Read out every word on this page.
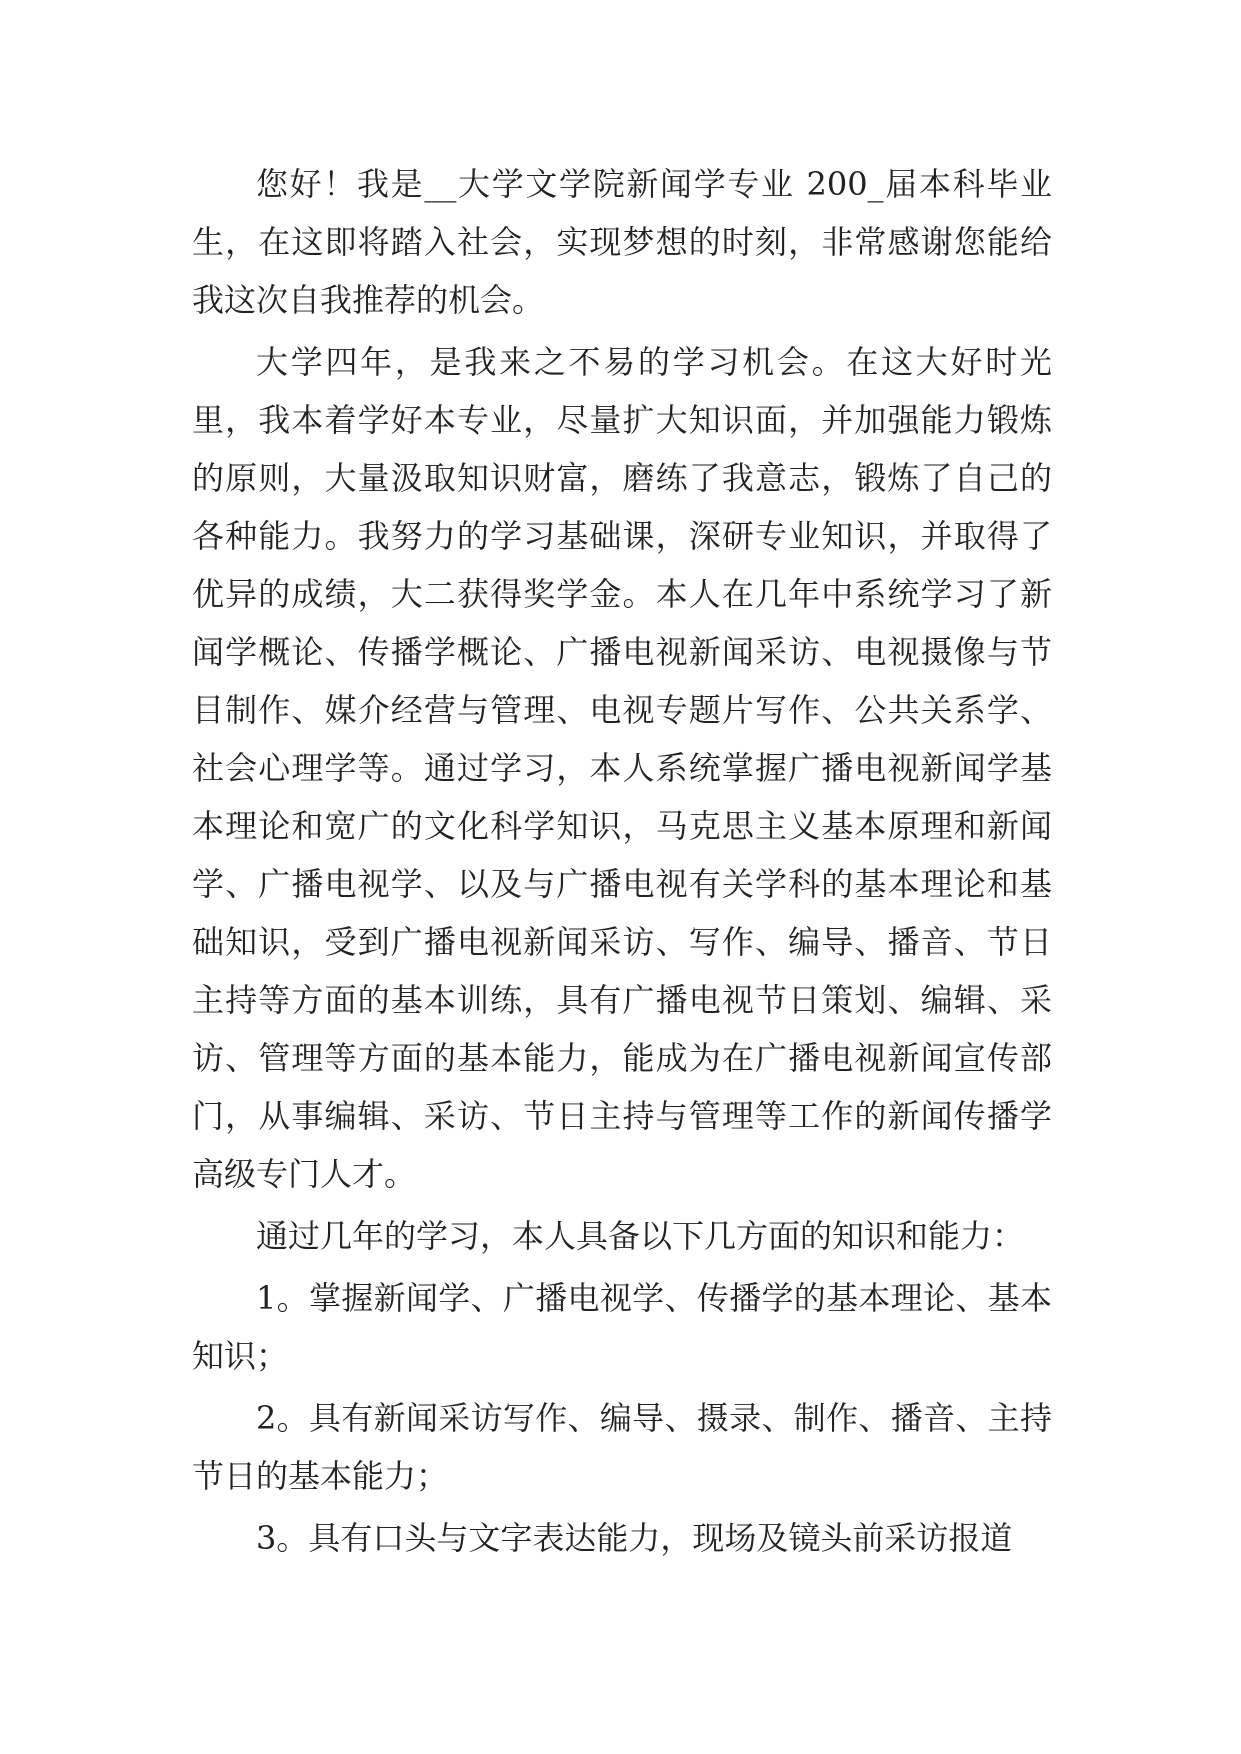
您好！我是__大学文学院新闻学专业 200_届本科毕业生，在这即将踏入社会，实现梦想的时刻，非常感谢您能给我这次自我推荐的机会。

大学四年，是我来之不易的学习机会。在这大好时光里，我本着学好本专业，尽量扩大知识面，并加强能力锻炼的原则，大量汲取知识财富，磨练了我意志，锻炼了自己的各种能力。我努力的学习基础课，深研专业知识，并取得了优异的成绩，大二获得奖学金。本人在几年中系统学习了新闻学概论、传播学概论、广播电视新闻采访、电视摄像与节目制作、媒介经营与管理、电视专题片写作、公共关系学、社会心理学等。通过学习，本人系统掌握广播电视新闻学基本理论和宽广的文化科学知识，马克思主义基本原理和新闻学、广播电视学、以及与广播电视有关学科的基本理论和基础知识，受到广播电视新闻采访、写作、编导、播音、节日主持等方面的基本训练，具有广播电视节日策划、编辑、采访、管理等方面的基本能力，能成为在广播电视新闻宣传部门，从事编辑、采访、节日主持与管理等工作的新闻传播学高级专门人才。

通过几年的学习，本人具备以下几方面的知识和能力：

1。掌握新闻学、广播电视学、传播学的基本理论、基本知识；

2。具有新闻采访写作、编导、摄录、制作、播音、主持节日的基本能力；

3。具有口头与文字表达能力，现场及镜头前采访报道
